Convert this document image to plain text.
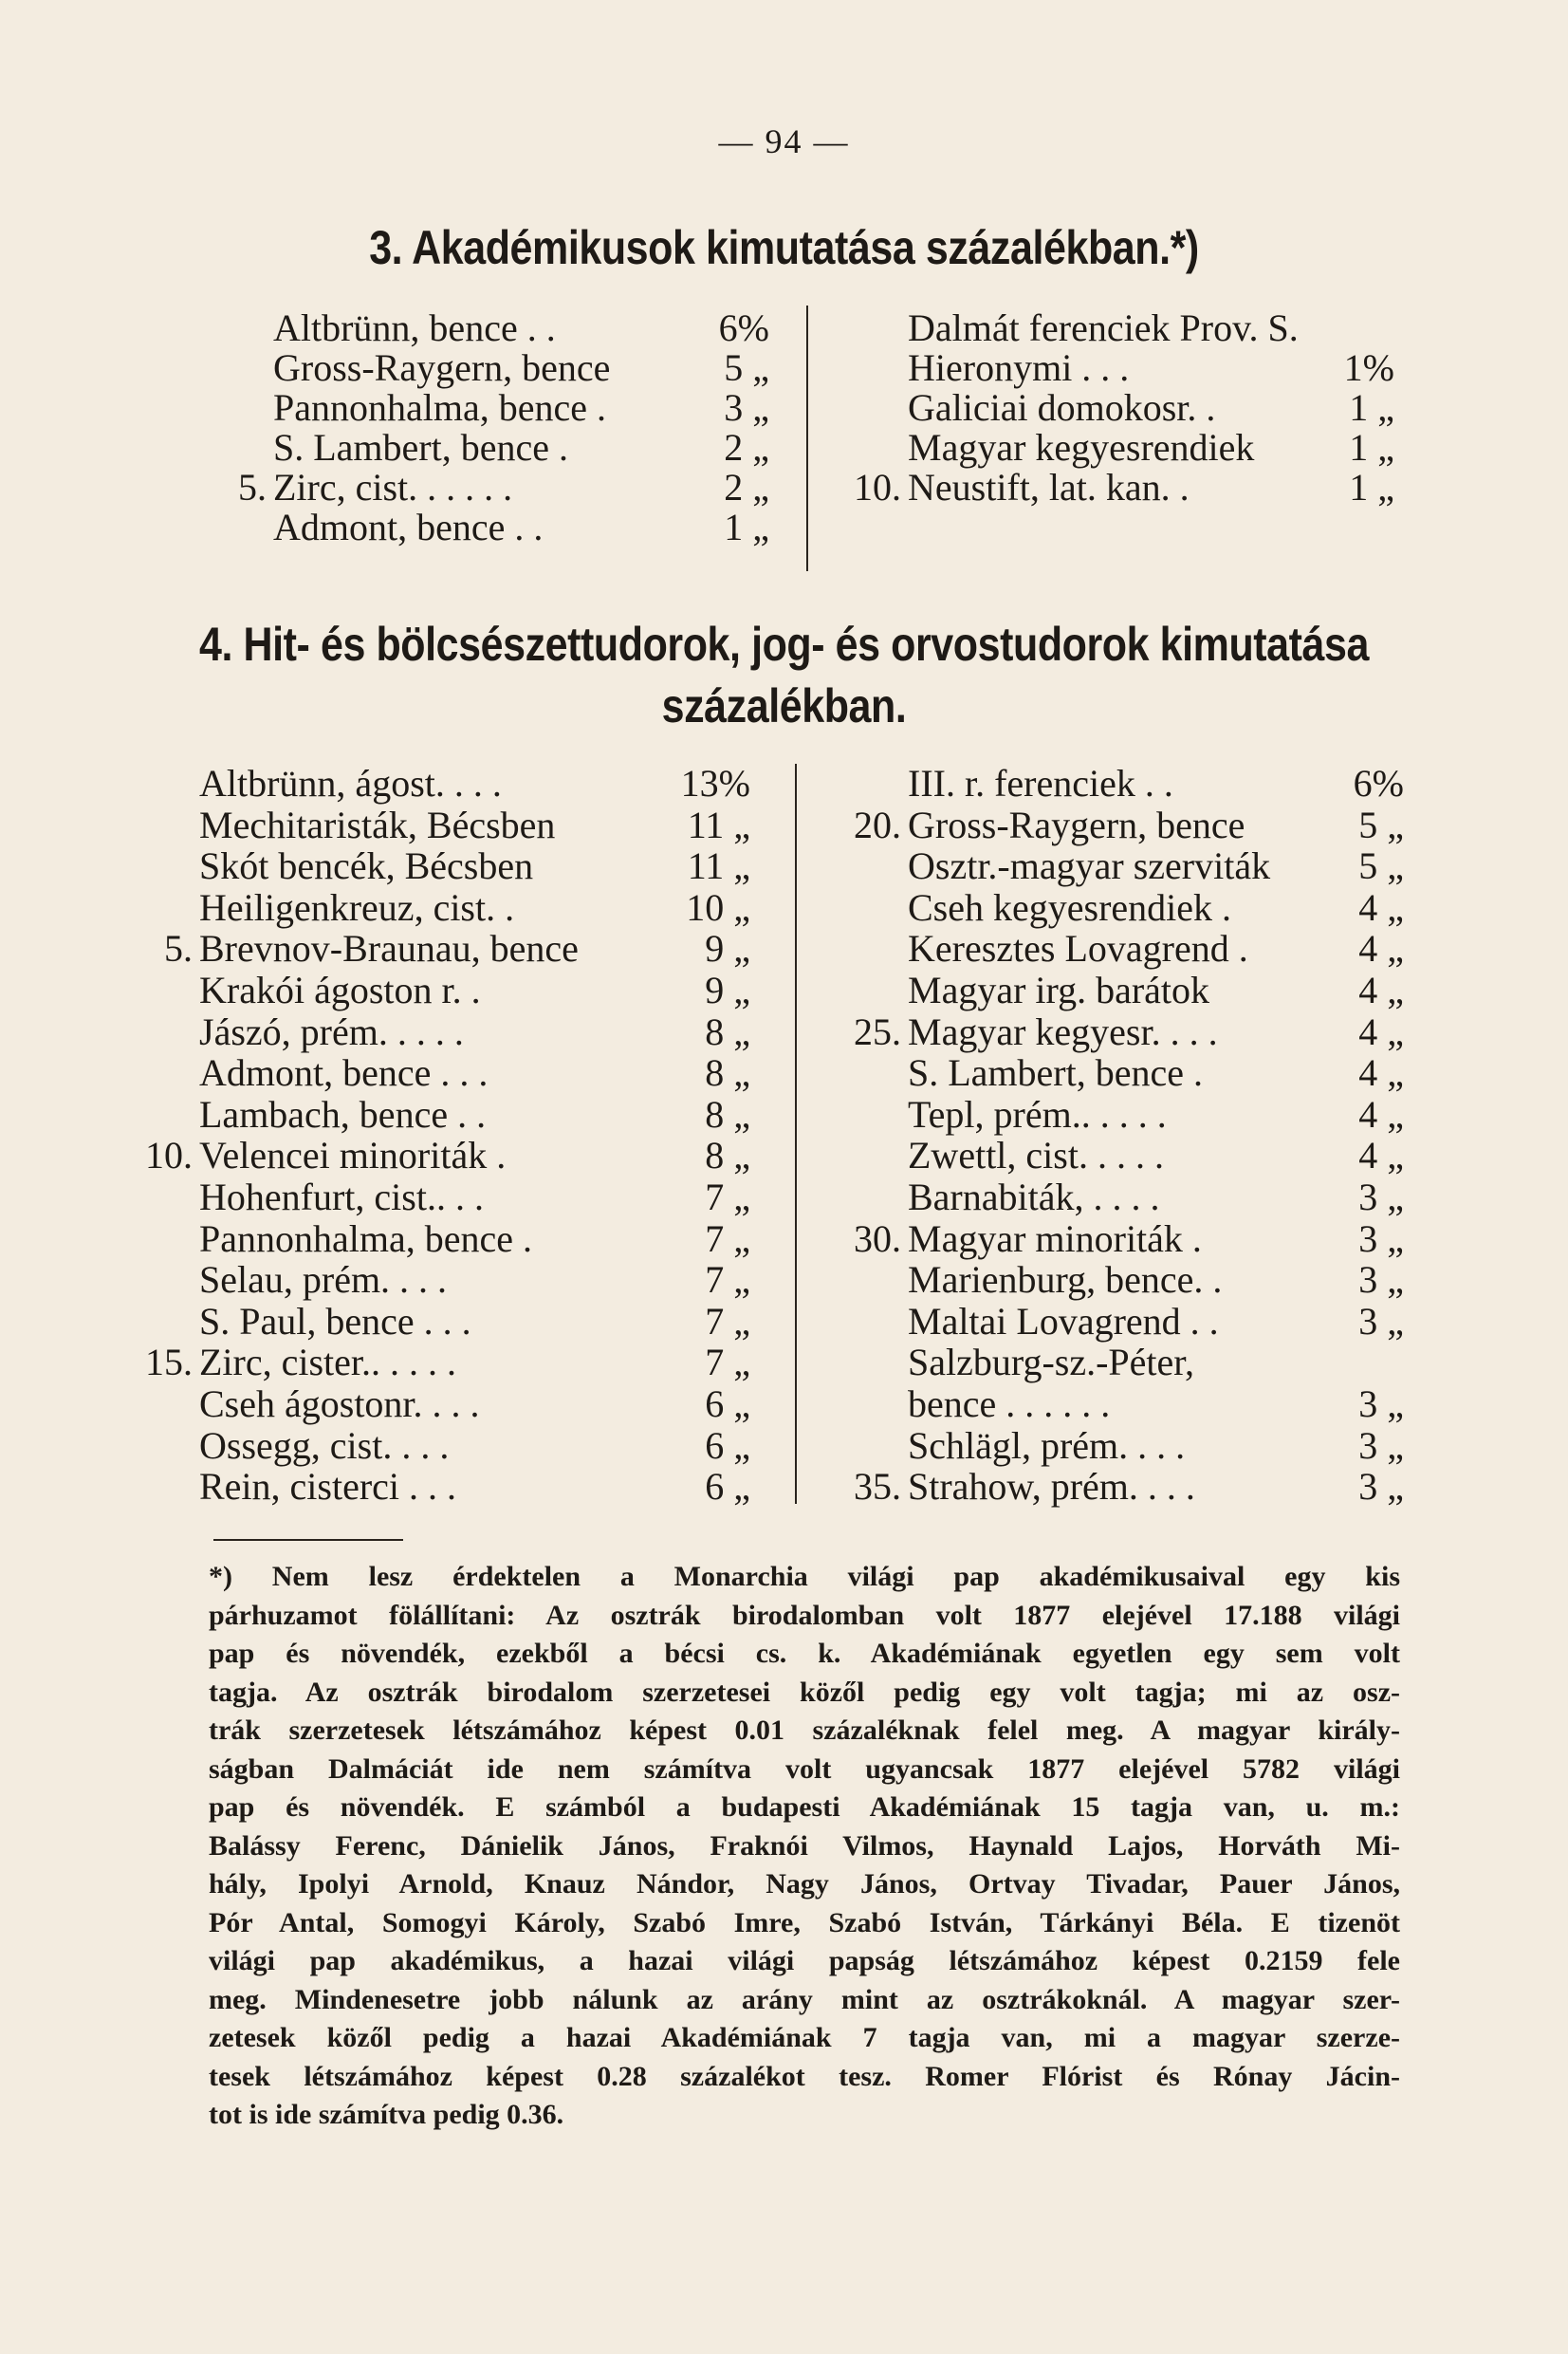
— 94 —
3. Akadémikusok kimutatása százalékban.*)
Altbrünn, bence . .	6%
Gross-Raygern, bence	5 „
Pannonhalma, bence .	3 „
S. Lambert, bence .	2 „
5. Zirc, cist. . . . . .	2 „
Admont, bence . .	1 „
Dalmát ferenciek Prov. S.
Hieronymi . . .	1%
Galiciai domokosr. .	1 „
Magyar kegyesrendiek	1 „
10. Neustift, lat. kan. .	1 „
4. Hit- és bölcsészettudorok, jog- és orvostudorok kimutatása
százalékban.
Altbrünn, ágost. . . .	13%
Mechitaristák, Bécsben	11 „
Skót bencék, Bécsben	11 „
Heiligenkreuz, cist. .	10 „
5. Brevnov-Braunau, bence	9 „
Krakói ágoston r. .	9 „
Jászó, prém. . . . .	8 „
Admont, bence . . .	8 „
Lambach, bence . .	8 „
10. Velencei minoriták .	8 „
Hohenfurt, cist.. . .	7 „
Pannonhalma, bence .	7 „
Selau, prém. . . .	7 „
S. Paul, bence . . .	7 „
15. Zirc, cister.. . . . .	7 „
Cseh ágostonr. . . .	6 „
Ossegg, cist. . . .	6 „
Rein, cisterci . . .	6 „
III. r. ferenciek . .	6%
20. Gross-Raygern, bence	5 „
Osztr.-magyar szerviták	5 „
Cseh kegyesrendiek .	4 „
Keresztes Lovagrend .	4 „
Magyar irg. barátok	4 „
25. Magyar kegyesr. . . .	4 „
S. Lambert, bence .	4 „
Tepl, prém.. . . . .	4 „
Zwettl, cist. . . . .	4 „
Barnabiták, . . . .	3 „
30. Magyar minoriták .	3 „
Marienburg, bence. .	3 „
Maltai Lovagrend . .	3 „
Salzburg-sz.-Péter,
bence . . . . . .	3 „
Schlägl, prém. . . .	3 „
35. Strahow, prém. . . .	3 „
*) Nem lesz érdektelen a Monarchia világi pap akadémikusaival egy kis
párhuzamot fölállítani: Az osztrák birodalomban volt 1877 elejével 17.188 világi
pap és növendék, ezekből a bécsi cs. k. Akadémiának egyetlen egy sem volt
tagja. Az osztrák birodalom szerzetesei közől pedig egy volt tagja; mi az osz-
trák szerzetesek létszámához képest 0.01 százaléknak felel meg. A magyar király-
ságban Dalmáciát ide nem számítva volt ugyancsak 1877 elejével 5782 világi
pap és növendék. E számból a budapesti Akadémiának 15 tagja van, u. m.:
Balássy Ferenc, Dánielik János, Fraknói Vilmos, Haynald Lajos, Horváth Mi-
hály, Ipolyi Arnold, Knauz Nándor, Nagy János, Ortvay Tivadar, Pauer János,
Pór Antal, Somogyi Károly, Szabó Imre, Szabó István, Tárkányi Béla. E tizenöt
világi pap akadémikus, a hazai világi papság létszámához képest 0.2159 fele
meg. Mindenesetre jobb nálunk az arány mint az osztrákoknál. A magyar szer-
zetesek közől pedig a hazai Akadémiának 7 tagja van, mi a magyar szerze-
tesek létszámához képest 0.28 százalékot tesz. Romer Flórist és Rónay Jácin-
tot is ide számítva pedig 0.36.
